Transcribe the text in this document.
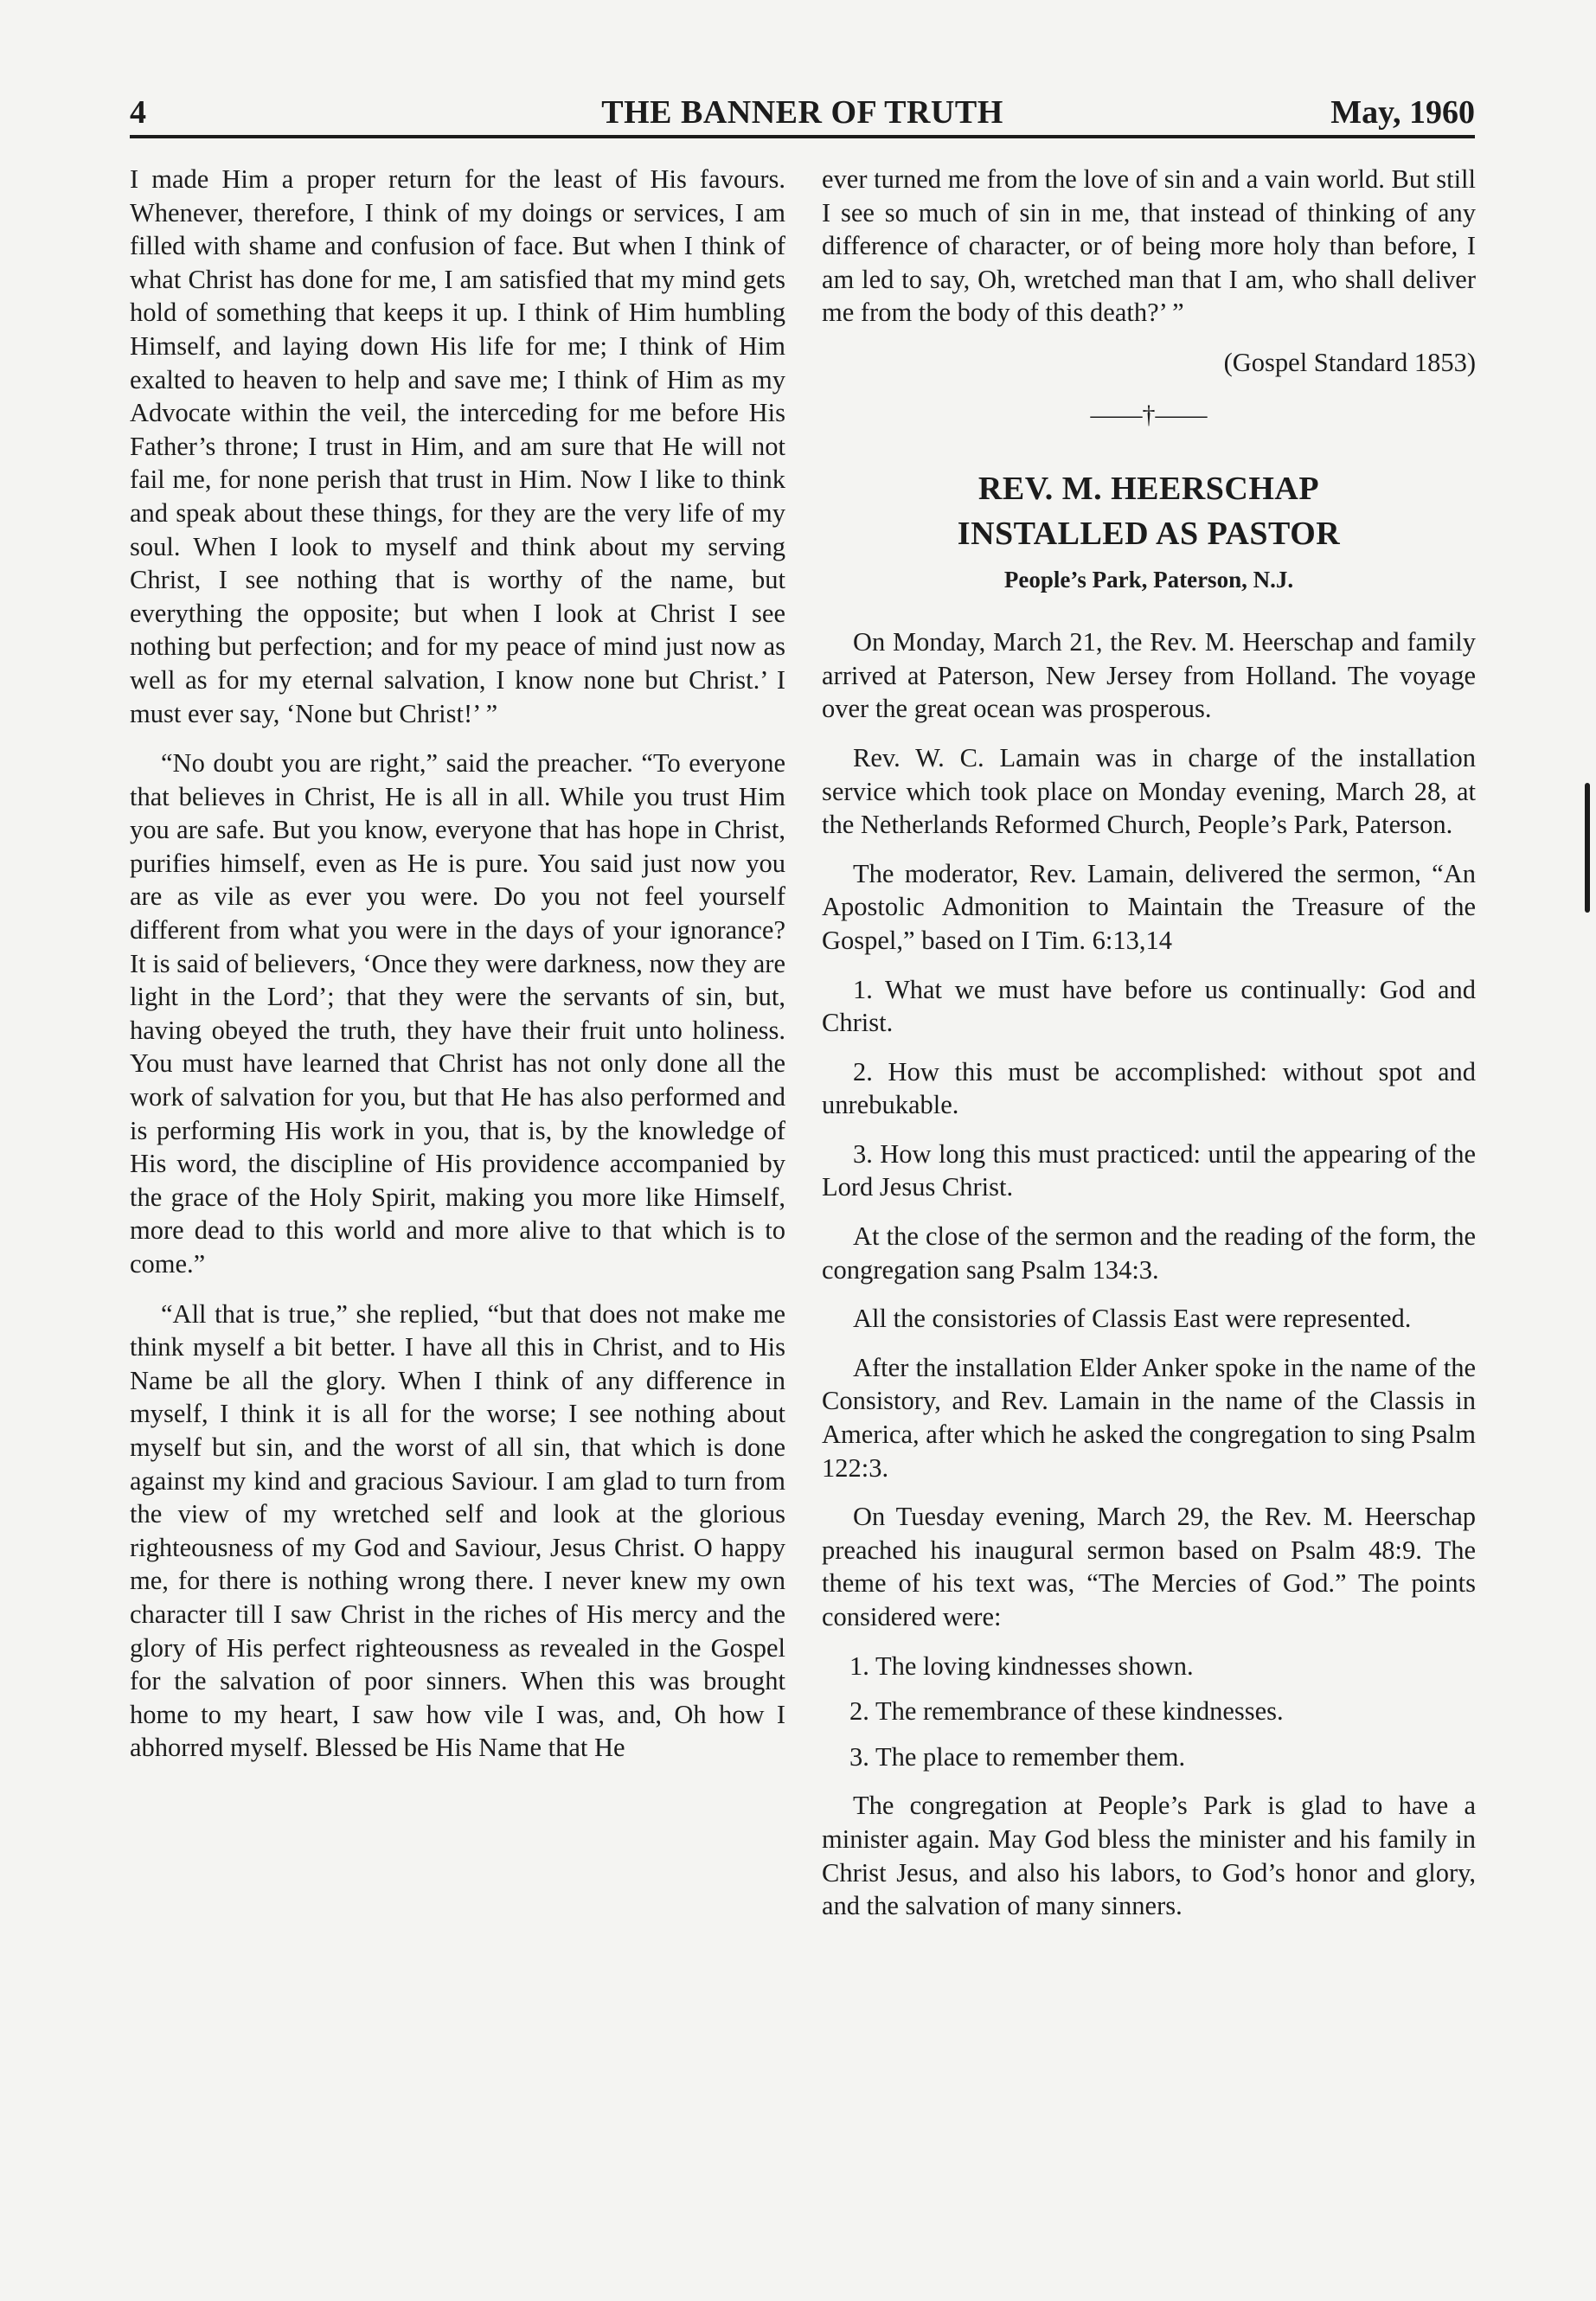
4	THE BANNER OF TRUTH	May, 1960

I made Him a proper return for the least of His favours. Whenever, therefore, I think of my doings or services, I am filled with shame and confusion of face. But when I think of what Christ has done for me, I am satisfied that my mind gets hold of something that keeps it up. I think of Him humbling Himself, and laying down His life for me; I think of Him exalted to heaven to help and save me; I think of Him as my Advocate within the veil, the interceding for me before His Father’s throne; I trust in Him, and am sure that He will not fail me, for none perish that trust in Him. Now I like to think and speak about these things, for they are the very life of my soul. When I look to myself and think about my serving Christ, I see nothing that is worthy of the name, but everything the opposite; but when I look at Christ I see nothing but perfection; and for my peace of mind just now as well as for my eternal salvation, I know none but Christ.’ I must ever say, ‘None but Christ!’ ”

“No doubt you are right,” said the preacher. “To everyone that believes in Christ, He is all in all. While you trust Him you are safe. But you know, everyone that has hope in Christ, purifies himself, even as He is pure. You said just now you are as vile as ever you were. Do you not feel yourself different from what you were in the days of your ignorance? It is said of believers, ‘Once they were darkness, now they are light in the Lord’; that they were the servants of sin, but, having obeyed the truth, they have their fruit unto holiness. You must have learned that Christ has not only done all the work of salvation for you, but that He has also performed and is performing His work in you, that is, by the knowledge of His word, the discipline of His providence accompanied by the grace of the Holy Spirit, making you more like Himself, more dead to this world and more alive to that which is to come.”

“All that is true,” she replied, “but that does not make me think myself a bit better. I have all this in Christ, and to His Name be all the glory. When I think of any difference in myself, I think it is all for the worse; I see nothing about myself but sin, and the worst of all sin, that which is done against my kind and gracious Saviour. I am glad to turn from the view of my wretched self and look at the glorious righteousness of my God and Saviour, Jesus Christ. O happy me, for there is nothing wrong there. I never knew my own character till I saw Christ in the riches of His mercy and the glory of His perfect righteousness as revealed in the Gospel for the salvation of poor sinners. When this was brought home to my heart, I saw how vile I was, and, Oh how I abhorred myself. Blessed be His Name that He

ever turned me from the love of sin and a vain world. But still I see so much of sin in me, that instead of thinking of any difference of character, or of being more holy than before, I am led to say, Oh, wretched man that I am, who shall deliver me from the body of this death?’ ”

(Gospel Standard 1853)

——†——
REV. M. HEERSCHAP
INSTALLED AS PASTOR
People’s Park, Paterson, N.J.

On Monday, March 21, the Rev. M. Heerschap and family arrived at Paterson, New Jersey from Holland. The voyage over the great ocean was prosperous.

Rev. W. C. Lamain was in charge of the installation service which took place on Monday evening, March 28, at the Netherlands Reformed Church, People’s Park, Paterson.

The moderator, Rev. Lamain, delivered the sermon, “An Apostolic Admonition to Maintain the Treasure of the Gospel,” based on I Tim. 6:13,14

1. What we must have before us continually: God and Christ.

2. How this must be accomplished: without spot and unrebukable.

3. How long this must practiced: until the appearing of the Lord Jesus Christ.

At the close of the sermon and the reading of the form, the congregation sang Psalm 134:3.

All the consistories of Classis East were represented.

After the installation Elder Anker spoke in the name of the Consistory, and Rev. Lamain in the name of the Classis in America, after which he asked the congregation to sing Psalm 122:3.

On Tuesday evening, March 29, the Rev. M. Heerschap preached his inaugural sermon based on Psalm 48:9. The theme of his text was, “The Mercies of God.” The points considered were:

1. The loving kindnesses shown.
2. The remembrance of these kindnesses.
3. The place to remember them.

The congregation at People’s Park is glad to have a minister again. May God bless the minister and his family in Christ Jesus, and also his labors, to God’s honor and glory, and the salvation of many sinners.
